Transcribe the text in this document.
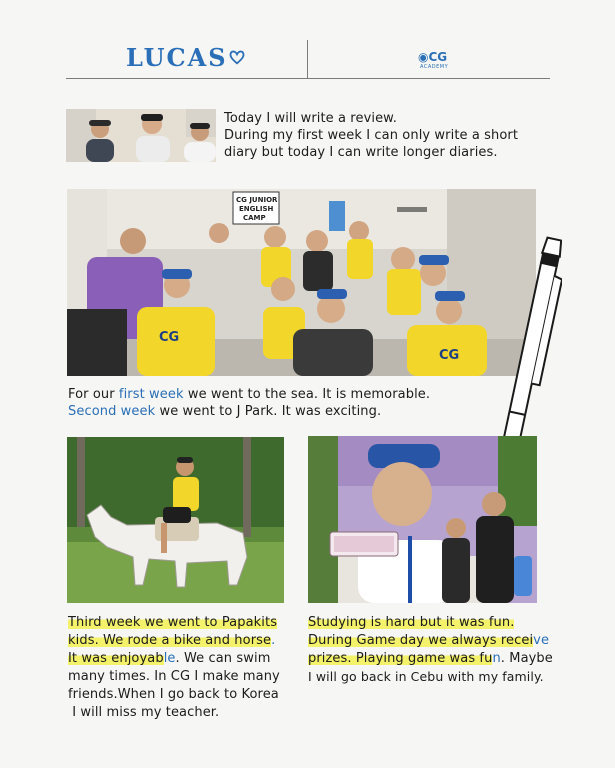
LUCAS	◉CG
ACADEMY
Today I will write a review.
During my first week I can only write a short
diary but today I can write longer diaries.
CG JUNIOR
ENGLISH
CAMP
CG
CG
For our first week we went to the sea. It is memorable.
Second week we went to J Park. It was exciting.
Third week we went to Papakits
kids. We rode a bike and horse.
It was enjoyable. We can swim
many times. In CG I make many
friends.When I go back to Korea
I will miss my teacher.
Studying is hard but it was fun.
During Game day we always receive
prizes. Playing game was fun. Maybe
I will go back in Cebu with my family.
